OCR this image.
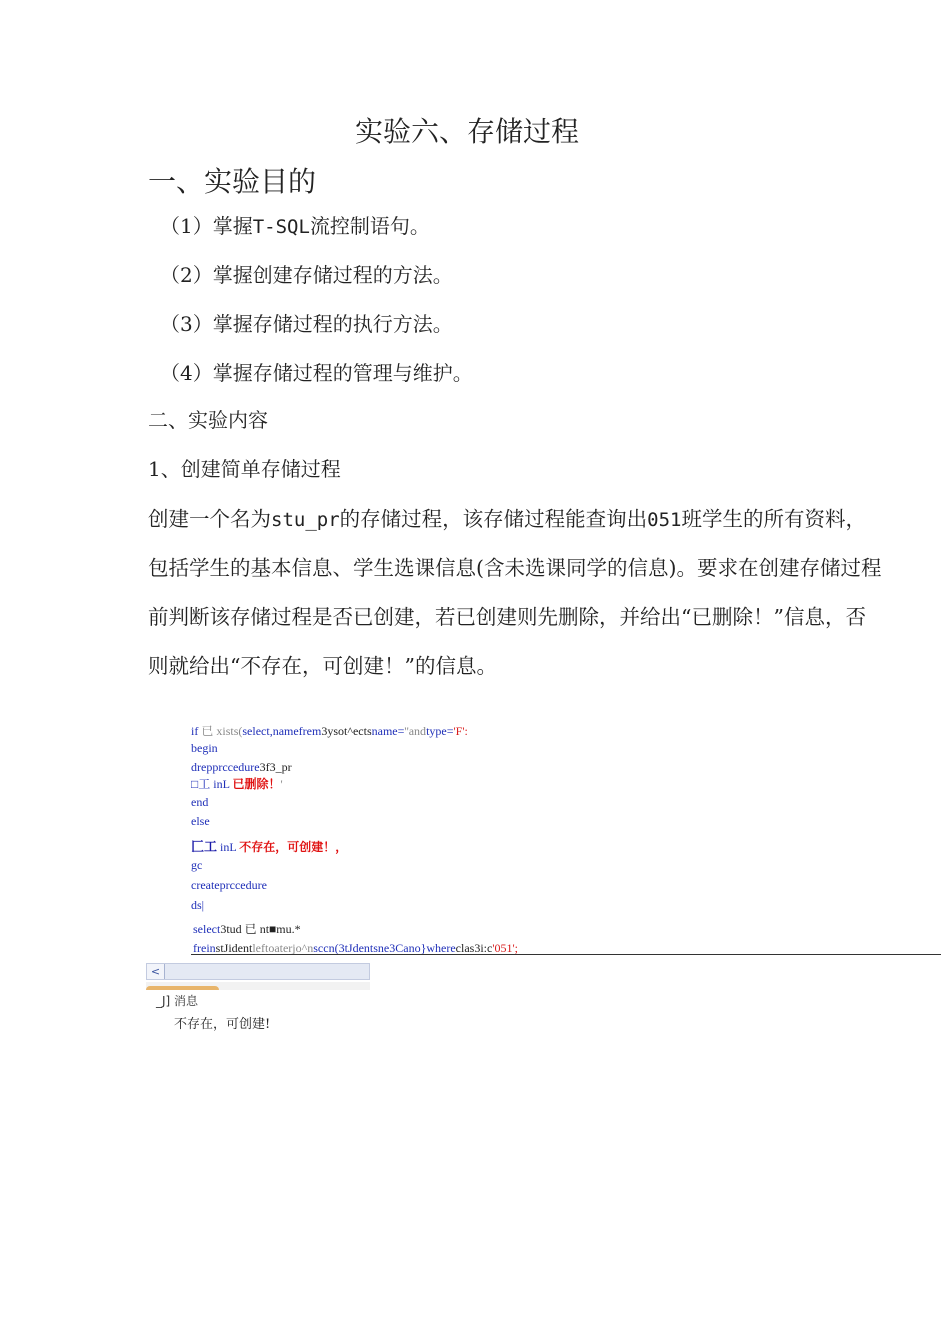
实验六、存储过程
一、实验目的
（1）掌握T-SQL流控制语句。
（2）掌握创建存储过程的方法。
（3）掌握存储过程的执行方法。
（4）掌握存储过程的管理与维护。
二、实验内容
1、创建简单存储过程
创建一个名为stu_pr的存储过程，该存储过程能查询出051班学生的所有资料，
包括学生的基本信息、学生选课信息(含未选课同学的信息)。要求在创建存储过程
前判断该存储过程是否已创建，若已创建则先删除，并给出“已删除！”信息，否
则就给出“不存在，可创建！”的信息。
if 已 xists(select,namefrem3ysot^ectsname=''andtype='F':
begin
drepprccedure3f3_pr
□工 inL 已删除！'
end
else
匚工 inL 不存在，可创建！，
gc
createprccedure
ds|
select3tud 已 nt■mu.*
freinstJidentleftoaterjo^nsccn(3tJdentsne3Cano}whereclas3i:c'051';
<
_J] 消息
不存在，可创建!
